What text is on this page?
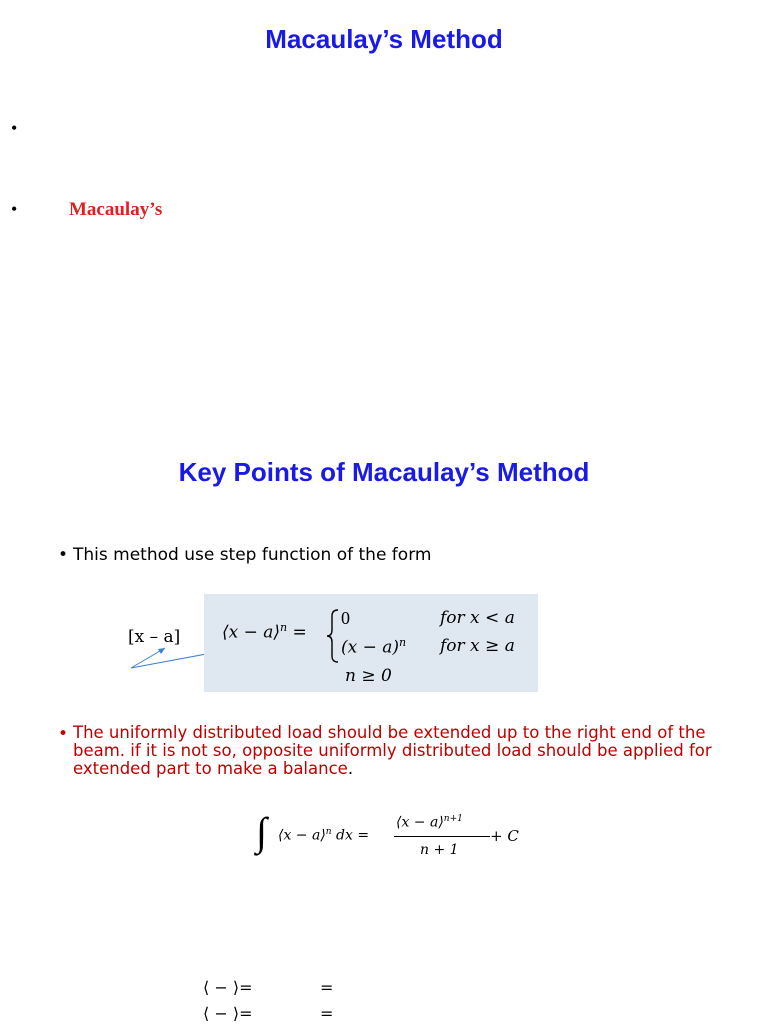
Macaulay’s Method
•
•	Macaulay’s
Key Points of Macaulay’s Method
• This method use step function of the form
[x – a] ⟨x − a⟩$^n$ =
0	for x < a
$(x - a)^n$ for x ≥ a
n ≥ 0
• The uniformly distributed load should be extended up to the right end of the beam. if it is not so, opposite uniformly distributed load should be applied for extended part to make a balance.
∫ ⟨x − a⟩$^n$ dx =
⟨x − a⟩$^{n+1}$
n + 1
+ C
⟨ − ⟩=	=
⟨ − ⟩=	=
